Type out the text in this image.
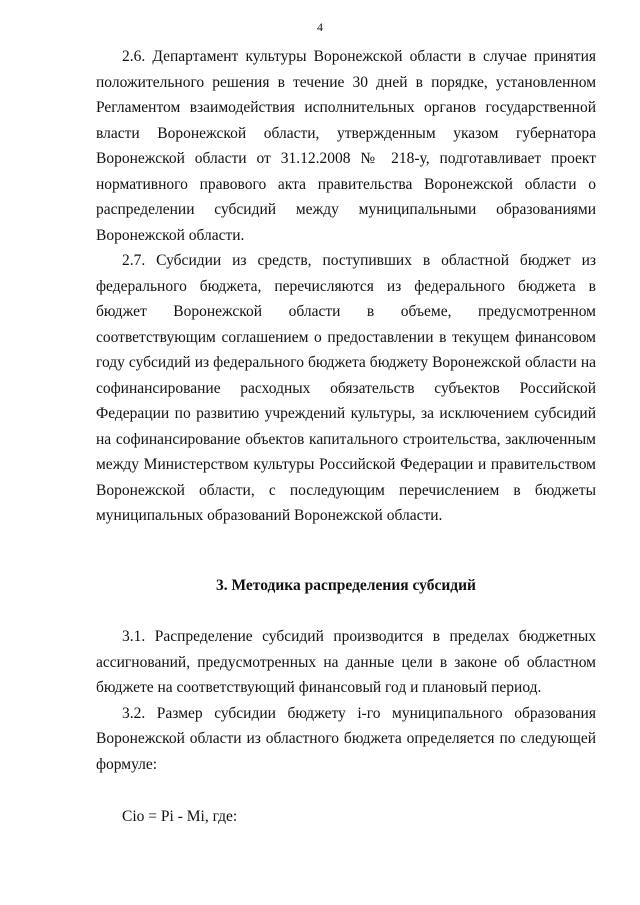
4

2.6. Департамент культуры Воронежской области в случае принятия положительного решения в течение 30 дней в порядке, установленном Регламентом взаимодействия исполнительных органов государственной власти Воронежской области, утвержденным указом губернатора Воронежской области от 31.12.2008 № 218-у, подготавливает проект нормативного правового акта правительства Воронежской области о распределении субсидий между муниципальными образованиями Воронежской области.

2.7. Субсидии из средств, поступивших в областной бюджет из федерального бюджета, перечисляются из федерального бюджета в бюджет Воронежской области в объеме, предусмотренном соответствующим соглашением о предоставлении в текущем финансовом году субсидий из федерального бюджета бюджету Воронежской области на софинансирование расходных обязательств субъектов Российской Федерации по развитию учреждений культуры, за исключением субсидий на софинансирование объектов капитального строительства, заключенным между Министерством культуры Российской Федерации и правительством Воронежской области, с последующим перечислением в бюджеты муниципальных образований Воронежской области.

3. Методика распределения субсидий

3.1. Распределение субсидий производится в пределах бюджетных ассигнований, предусмотренных на данные цели в законе об областном бюджете на соответствующий финансовый год и плановый период.

3.2. Размер субсидии бюджету i-го муниципального образования Воронежской области из областного бюджета определяется по следующей формуле:

Сio = Рi - Мi, где:
